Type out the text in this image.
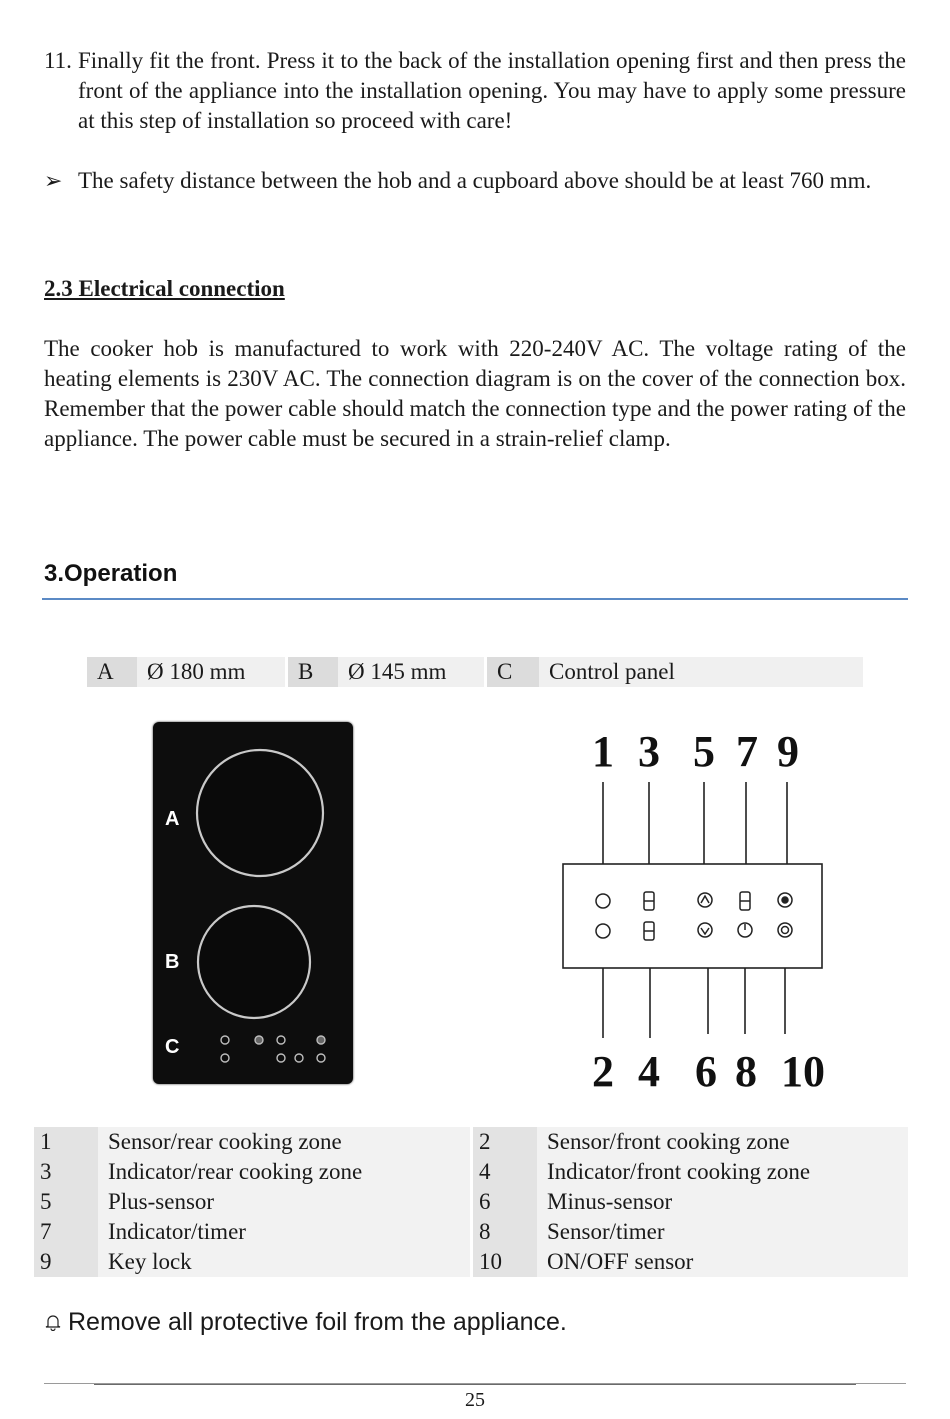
11. Finally fit the front. Press it to the back of the installation opening first and then press the front of the appliance into the installation opening. You may have to apply some pressure at this step of installation so proceed with care!
➢ The safety distance between the hob and a cupboard above should be at least 760 mm.
2.3 Electrical connection
The cooker hob is manufactured to work with 220-240V AC. The voltage rating of the heating elements is 230V AC. The connection diagram is on the cover of the connection box. Remember that the power cable should match the connection type and the power rating of the appliance. The power cable must be secured in a strain-relief clamp.
3.Operation
A	Ø 180 mm	B	Ø 145 mm	C	Control panel
A
B
C
1 3 5 7 9
2 4 6 8 10
1	Sensor/rear cooking zone	2	Sensor/front cooking zone
3	Indicator/rear cooking zone	4	Indicator/front cooking zone
5	Plus-sensor	6	Minus-sensor
7	Indicator/timer	8	Sensor/timer
9	Key lock	10	ON/OFF sensor
Remove all protective foil from the appliance.
25
